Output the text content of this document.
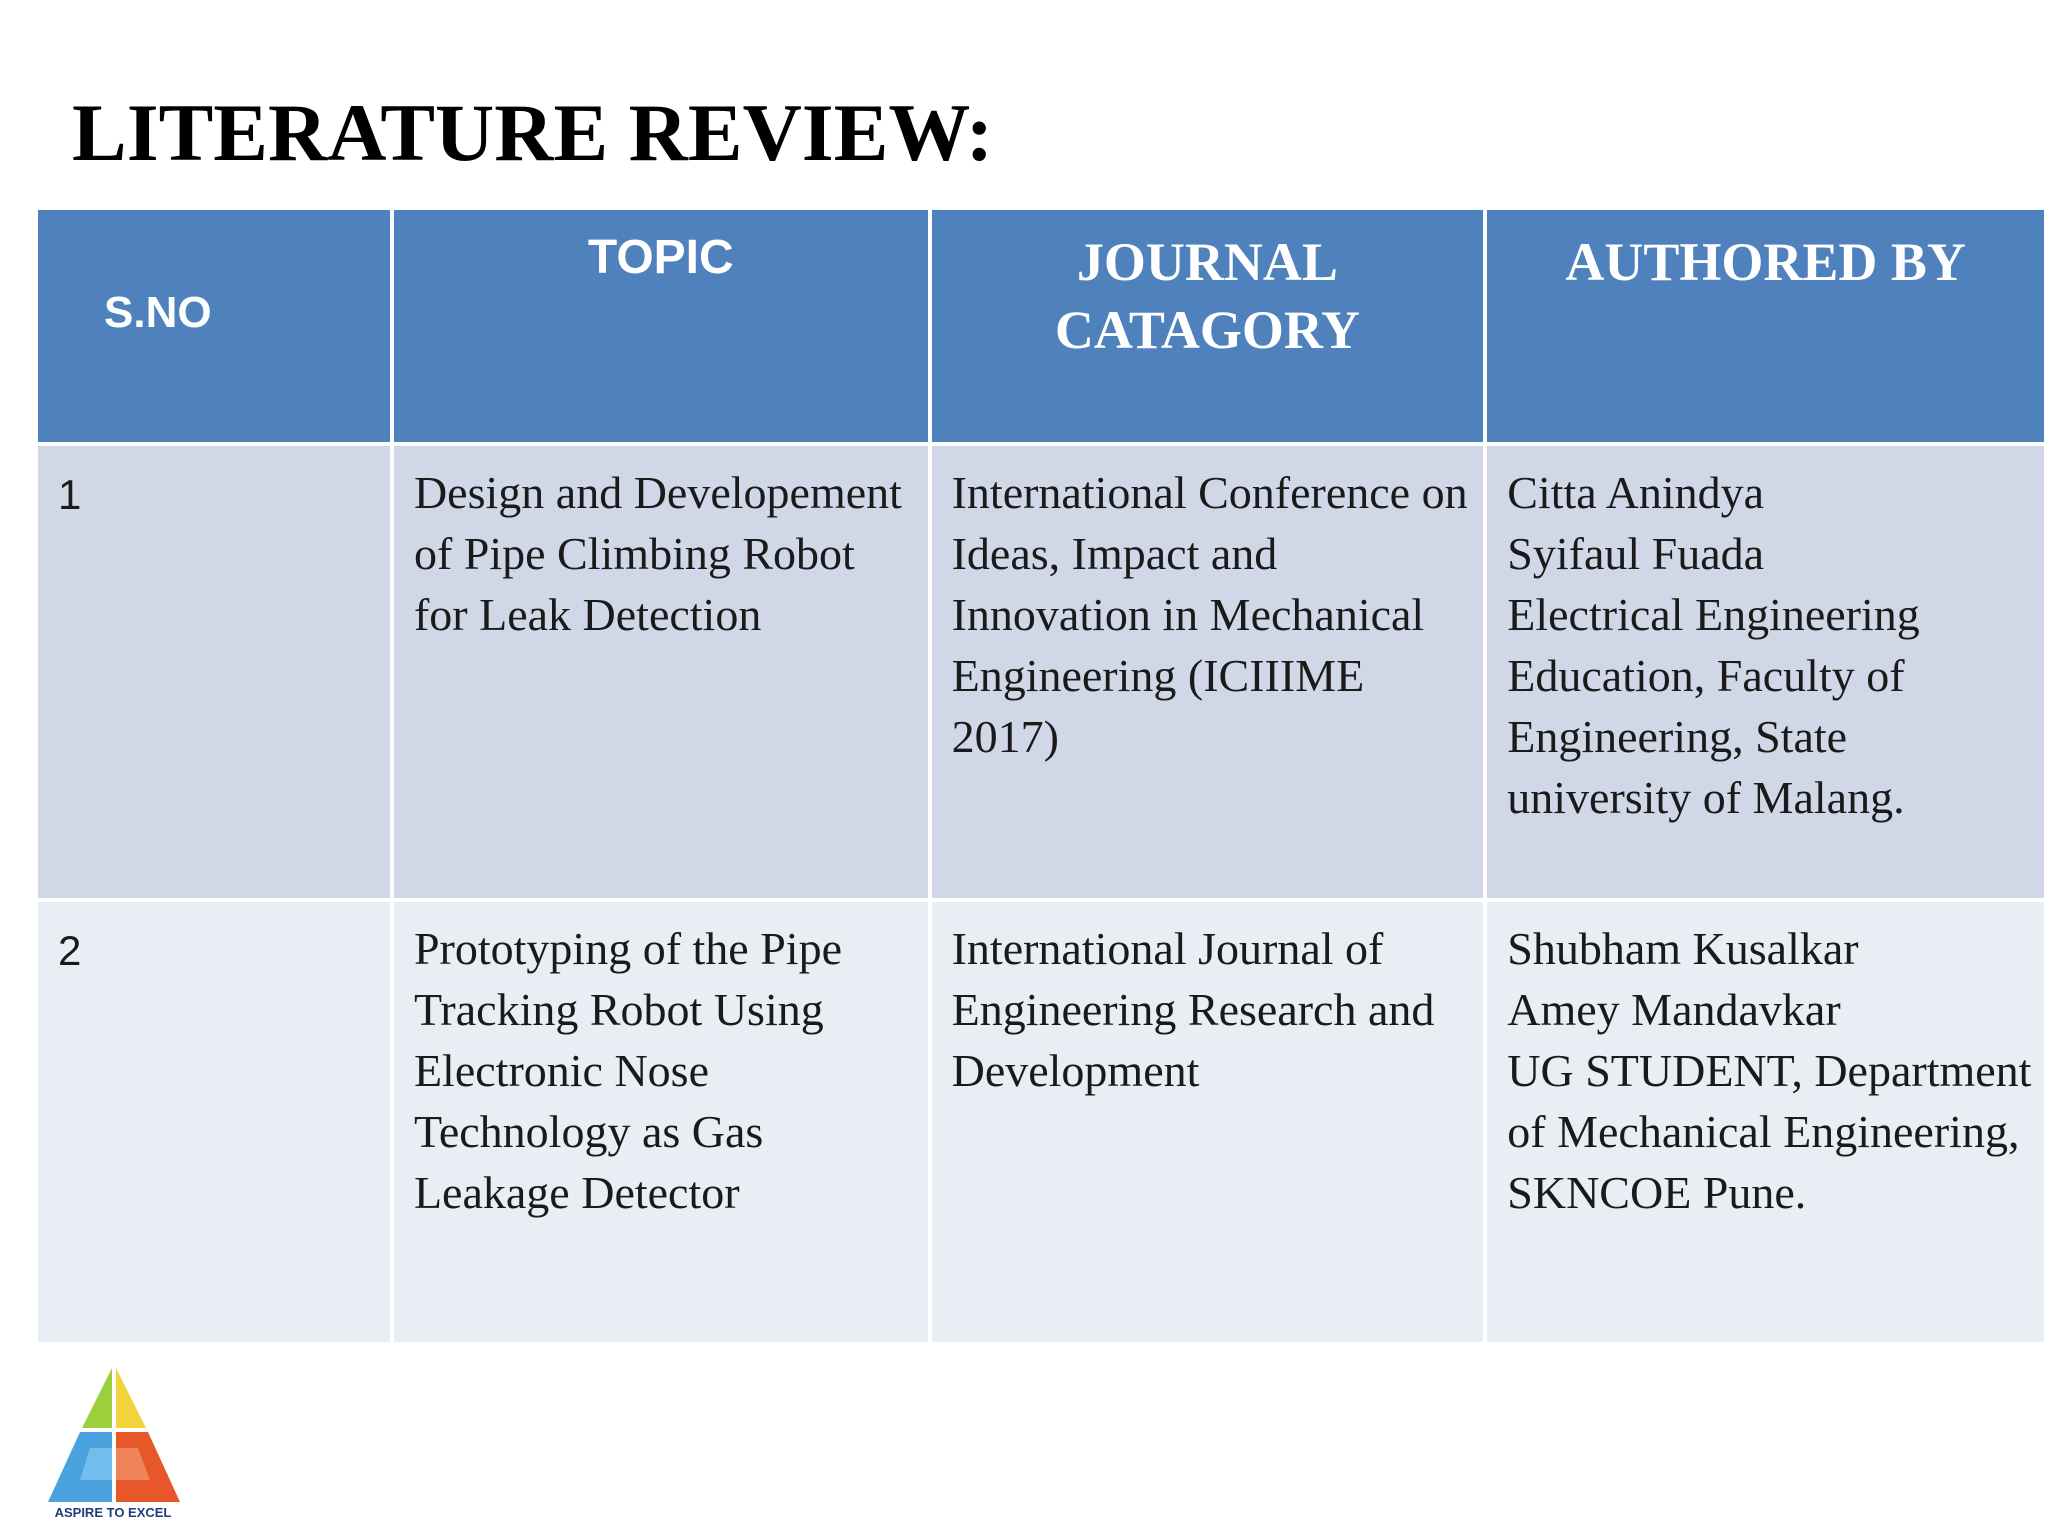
LITERATURE REVIEW:
S.NO	TOPIC	JOURNAL CATAGORY	AUTHORED BY
1	Design and Developement of Pipe Climbing Robot for Leak Detection	International Conference on Ideas, Impact and Innovation in Mechanical Engineering (ICIIIME 2017)	Citta Anindya
Syifaul Fuada
Electrical Engineering Education, Faculty of Engineering, State university of Malang.

2	Prototyping of the Pipe Tracking Robot Using Electronic Nose Technology as Gas Leakage Detector	International Journal of Engineering Research and Development	Shubham Kusalkar
Amey Mandavkar
UG STUDENT, Department of Mechanical Engineering, SKNCOE Pune.
ASPIRE TO EXCEL
